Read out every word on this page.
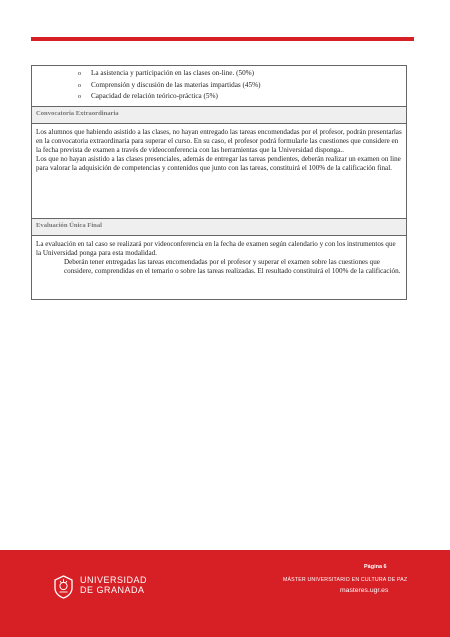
o La asistencia y participación en las clases on-line. (50%)
o Comprensión y discusión de las materias impartidas (45%)
o Capacidad de relación teórico-práctica (5%)
Convocatoria Extraordinaria

Los alumnos que habiendo asistido a las clases, no hayan entregado las tareas encomendadas por el profesor, podrán presentarlas en la convocatoria extraordinaria para superar el curso. En su caso, el profesor podrá formularle las cuestiones que considere en la fecha prevista de examen a través de videoconferencia con las herramientas que la Universidad disponga..

Los que no hayan asistido a las clases presenciales, además de entregar las tareas pendientes, deberán realizar un examen on line para valorar la adquisición de competencias y contenidos que junto con las tareas, constituirá el 100% de la calificación final.

Evaluación Única Final

La evaluación en tal caso se realizará por videoconferencia en la fecha de examen según calendario y con los instrumentos que la Universidad ponga para esta modalidad.

Deberán tener entregadas las tareas encomendadas por el profesor y superar el examen sobre las cuestiones que considere, comprendidas en el temario o sobre las tareas realizadas. El resultado constituirá el 100% de la calificación.

UNIVERSIDAD
DE GRANADA
Página 6
MÁSTER UNIVERSITARIO EN CULTURA DE PAZ
masteres.ugr.es
